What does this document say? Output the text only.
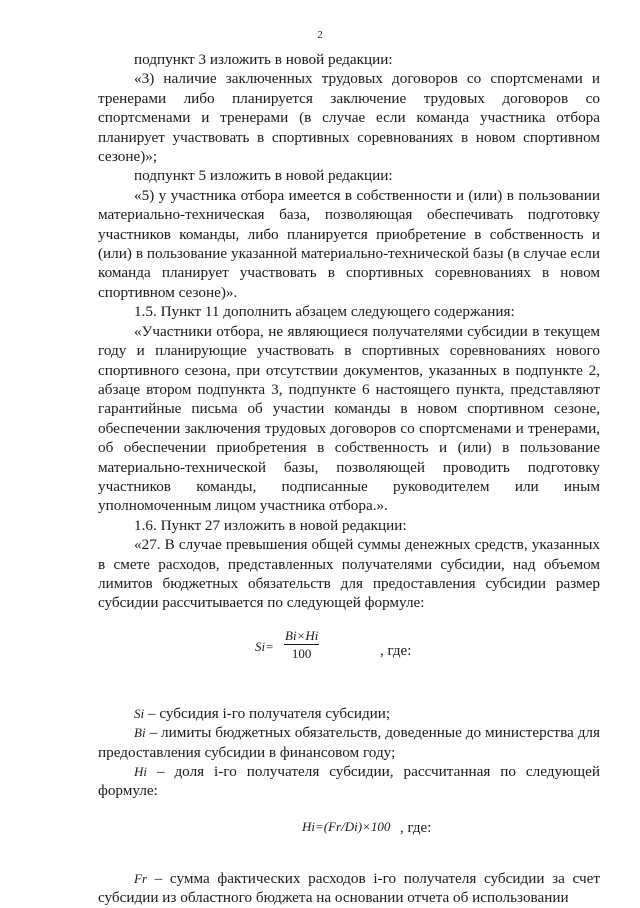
2

подпункт 3 изложить в новой редакции:

«3) наличие заключенных трудовых договоров со спортсменами и тренерами либо планируется заключение трудовых договоров со спортсменами и тренерами (в случае если команда участника отбора планирует участвовать в спортивных соревнованиях в новом спортивном сезоне)»;

подпункт 5 изложить в новой редакции:

«5) у участника отбора имеется в собственности и (или) в пользовании материально-техническая база, позволяющая обеспечивать подготовку участников команды, либо планируется приобретение в собственность и (или) в пользование указанной материально-технической базы (в случае если команда планирует участвовать в спортивных соревнованиях в новом спортивном сезоне)».

1.5. Пункт 11 дополнить абзацем следующего содержания:

«Участники отбора, не являющиеся получателями субсидии в текущем году и планирующие участвовать в спортивных соревнованиях нового спортивного сезона, при отсутствии документов, указанных в подпункте 2, абзаце втором подпункта 3, подпункте 6 настоящего пункта, представляют гарантийные письма об участии команды в новом спортивном сезоне, обеспечении заключения трудовых договоров со спортсменами и тренерами, об обеспечении приобретения в собственность и (или) в пользование материально-технической базы, позволяющей проводить подготовку участников команды, подписанные руководителем или иным уполномоченным лицом участника отбора.».

1.6. Пункт 27 изложить в новой редакции:

«27. В случае превышения общей суммы денежных средств, указанных в смете расходов, представленных получателями субсидии, над объемом лимитов бюджетных обязательств для предоставления субсидии размер субсидии рассчитывается по следующей формуле:

$Si= \frac{Bi\times Hi}{100}$	, где:

Si – субсидия i-го получателя субсидии;

Bi – лимиты бюджетных обязательств, доведенные до министерства для предоставления субсидии в финансовом году;

Hi – доля i-го получателя субсидии, рассчитанная по следующей формуле:

Hi=(Fr/Di)×100 , где:

Fr – сумма фактических расходов i-го получателя субсидии за счет субсидии из областного бюджета на основании отчета об использовании
